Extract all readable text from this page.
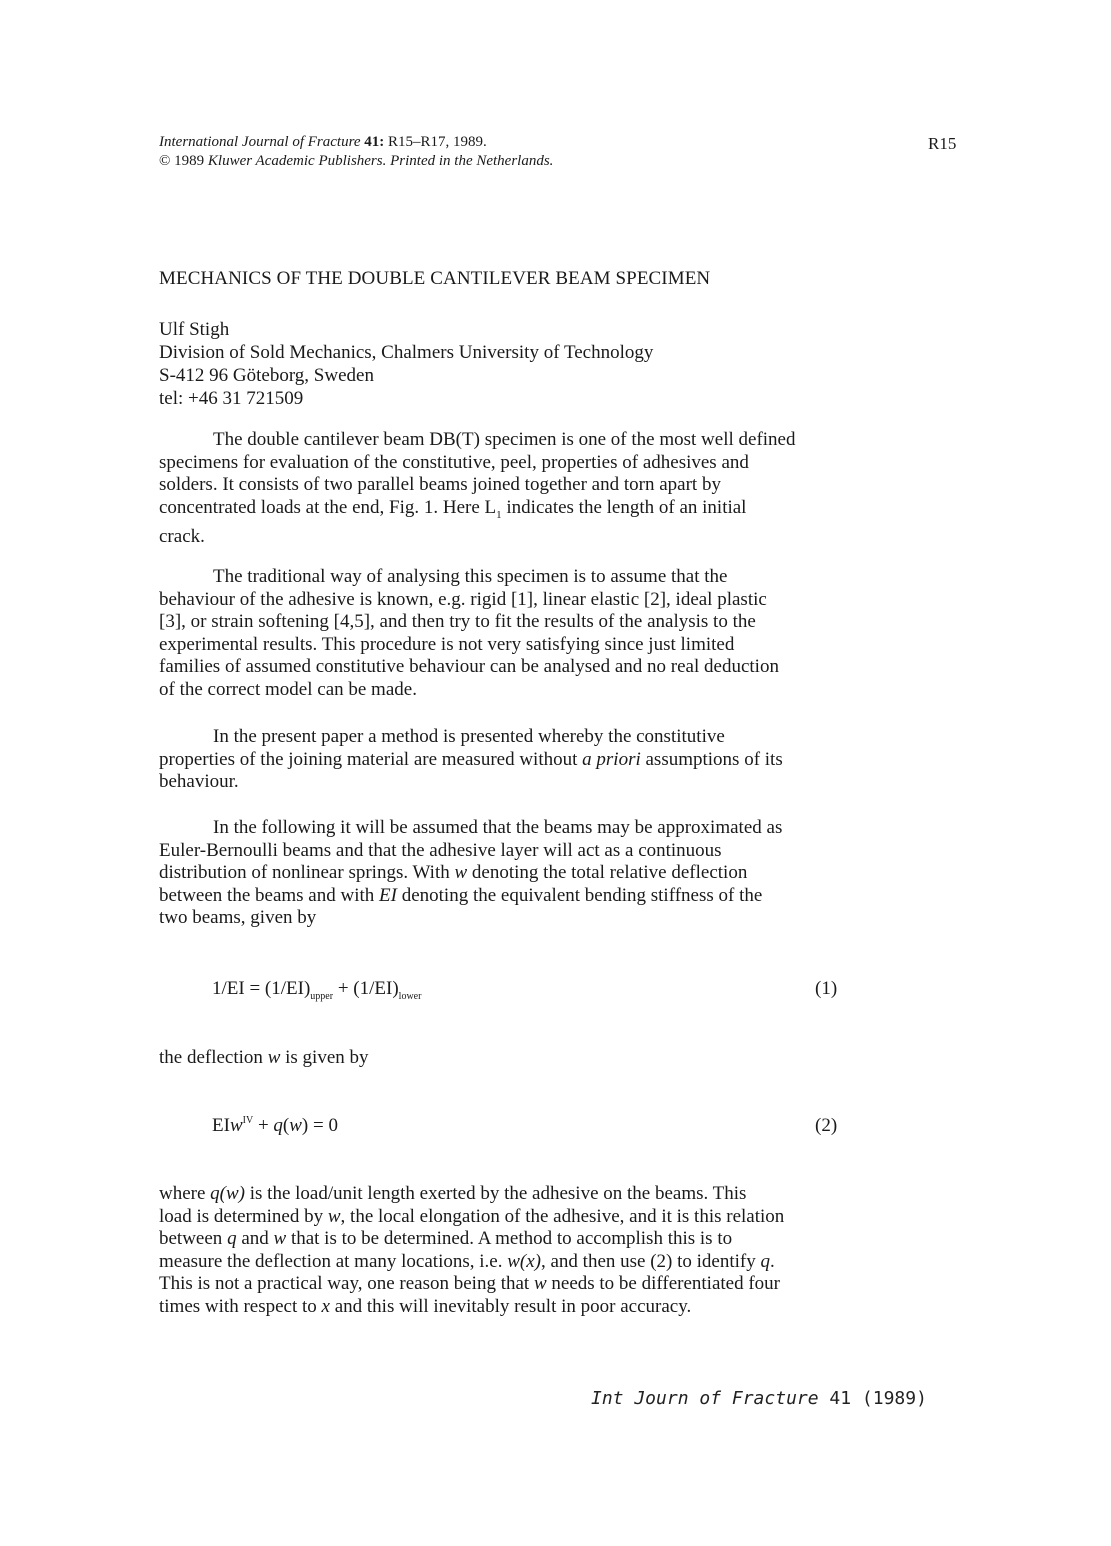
International Journal of Fracture 41: R15–R17, 1989.
© 1989 Kluwer Academic Publishers. Printed in the Netherlands.
R15
MECHANICS OF THE DOUBLE CANTILEVER BEAM SPECIMEN
Ulf Stigh
Division of Sold Mechanics, Chalmers University of Technology
S-412 96 Göteborg, Sweden
tel: +46 31 721509
The double cantilever beam DB(T) specimen is one of the most well defined
specimens for evaluation of the constitutive, peel, properties of adhesives and
solders. It consists of two parallel beams joined together and torn apart by
concentrated loads at the end, Fig. 1. Here $L_1$ indicates the length of an initial
crack.
The traditional way of analysing this specimen is to assume that the
behaviour of the adhesive is known, e.g. rigid [1], linear elastic [2], ideal plastic
[3], or strain softening [4,5], and then try to fit the results of the analysis to the
experimental results. This procedure is not very satisfying since just limited
families of assumed constitutive behaviour can be analysed and no real deduction
of the correct model can be made.
In the present paper a method is presented whereby the constitutive
properties of the joining material are measured without a priori assumptions of its
behaviour.
In the following it will be assumed that the beams may be approximated as
Euler-Bernoulli beams and that the adhesive layer will act as a continuous
distribution of nonlinear springs. With w denoting the total relative deflection
between the beams and with EI denoting the equivalent bending stiffness of the
two beams, given by
$1/EI = (1/EI)_{upper} + (1/EI)_{lower}$	(1)
the deflection w is given by
EIw$^{IV}$ + q(w) = 0	(2)
where q(w) is the load/unit length exerted by the adhesive on the beams. This
load is determined by w, the local elongation of the adhesive, and it is this relation
between q and w that is to be determined. A method to accomplish this is to
measure the deflection at many locations, i.e. w(x), and then use (2) to identify q.
This is not a practical way, one reason being that w needs to be differentiated four
times with respect to x and this will inevitably result in poor accuracy.
Int Journ of Fracture 41 (1989)
